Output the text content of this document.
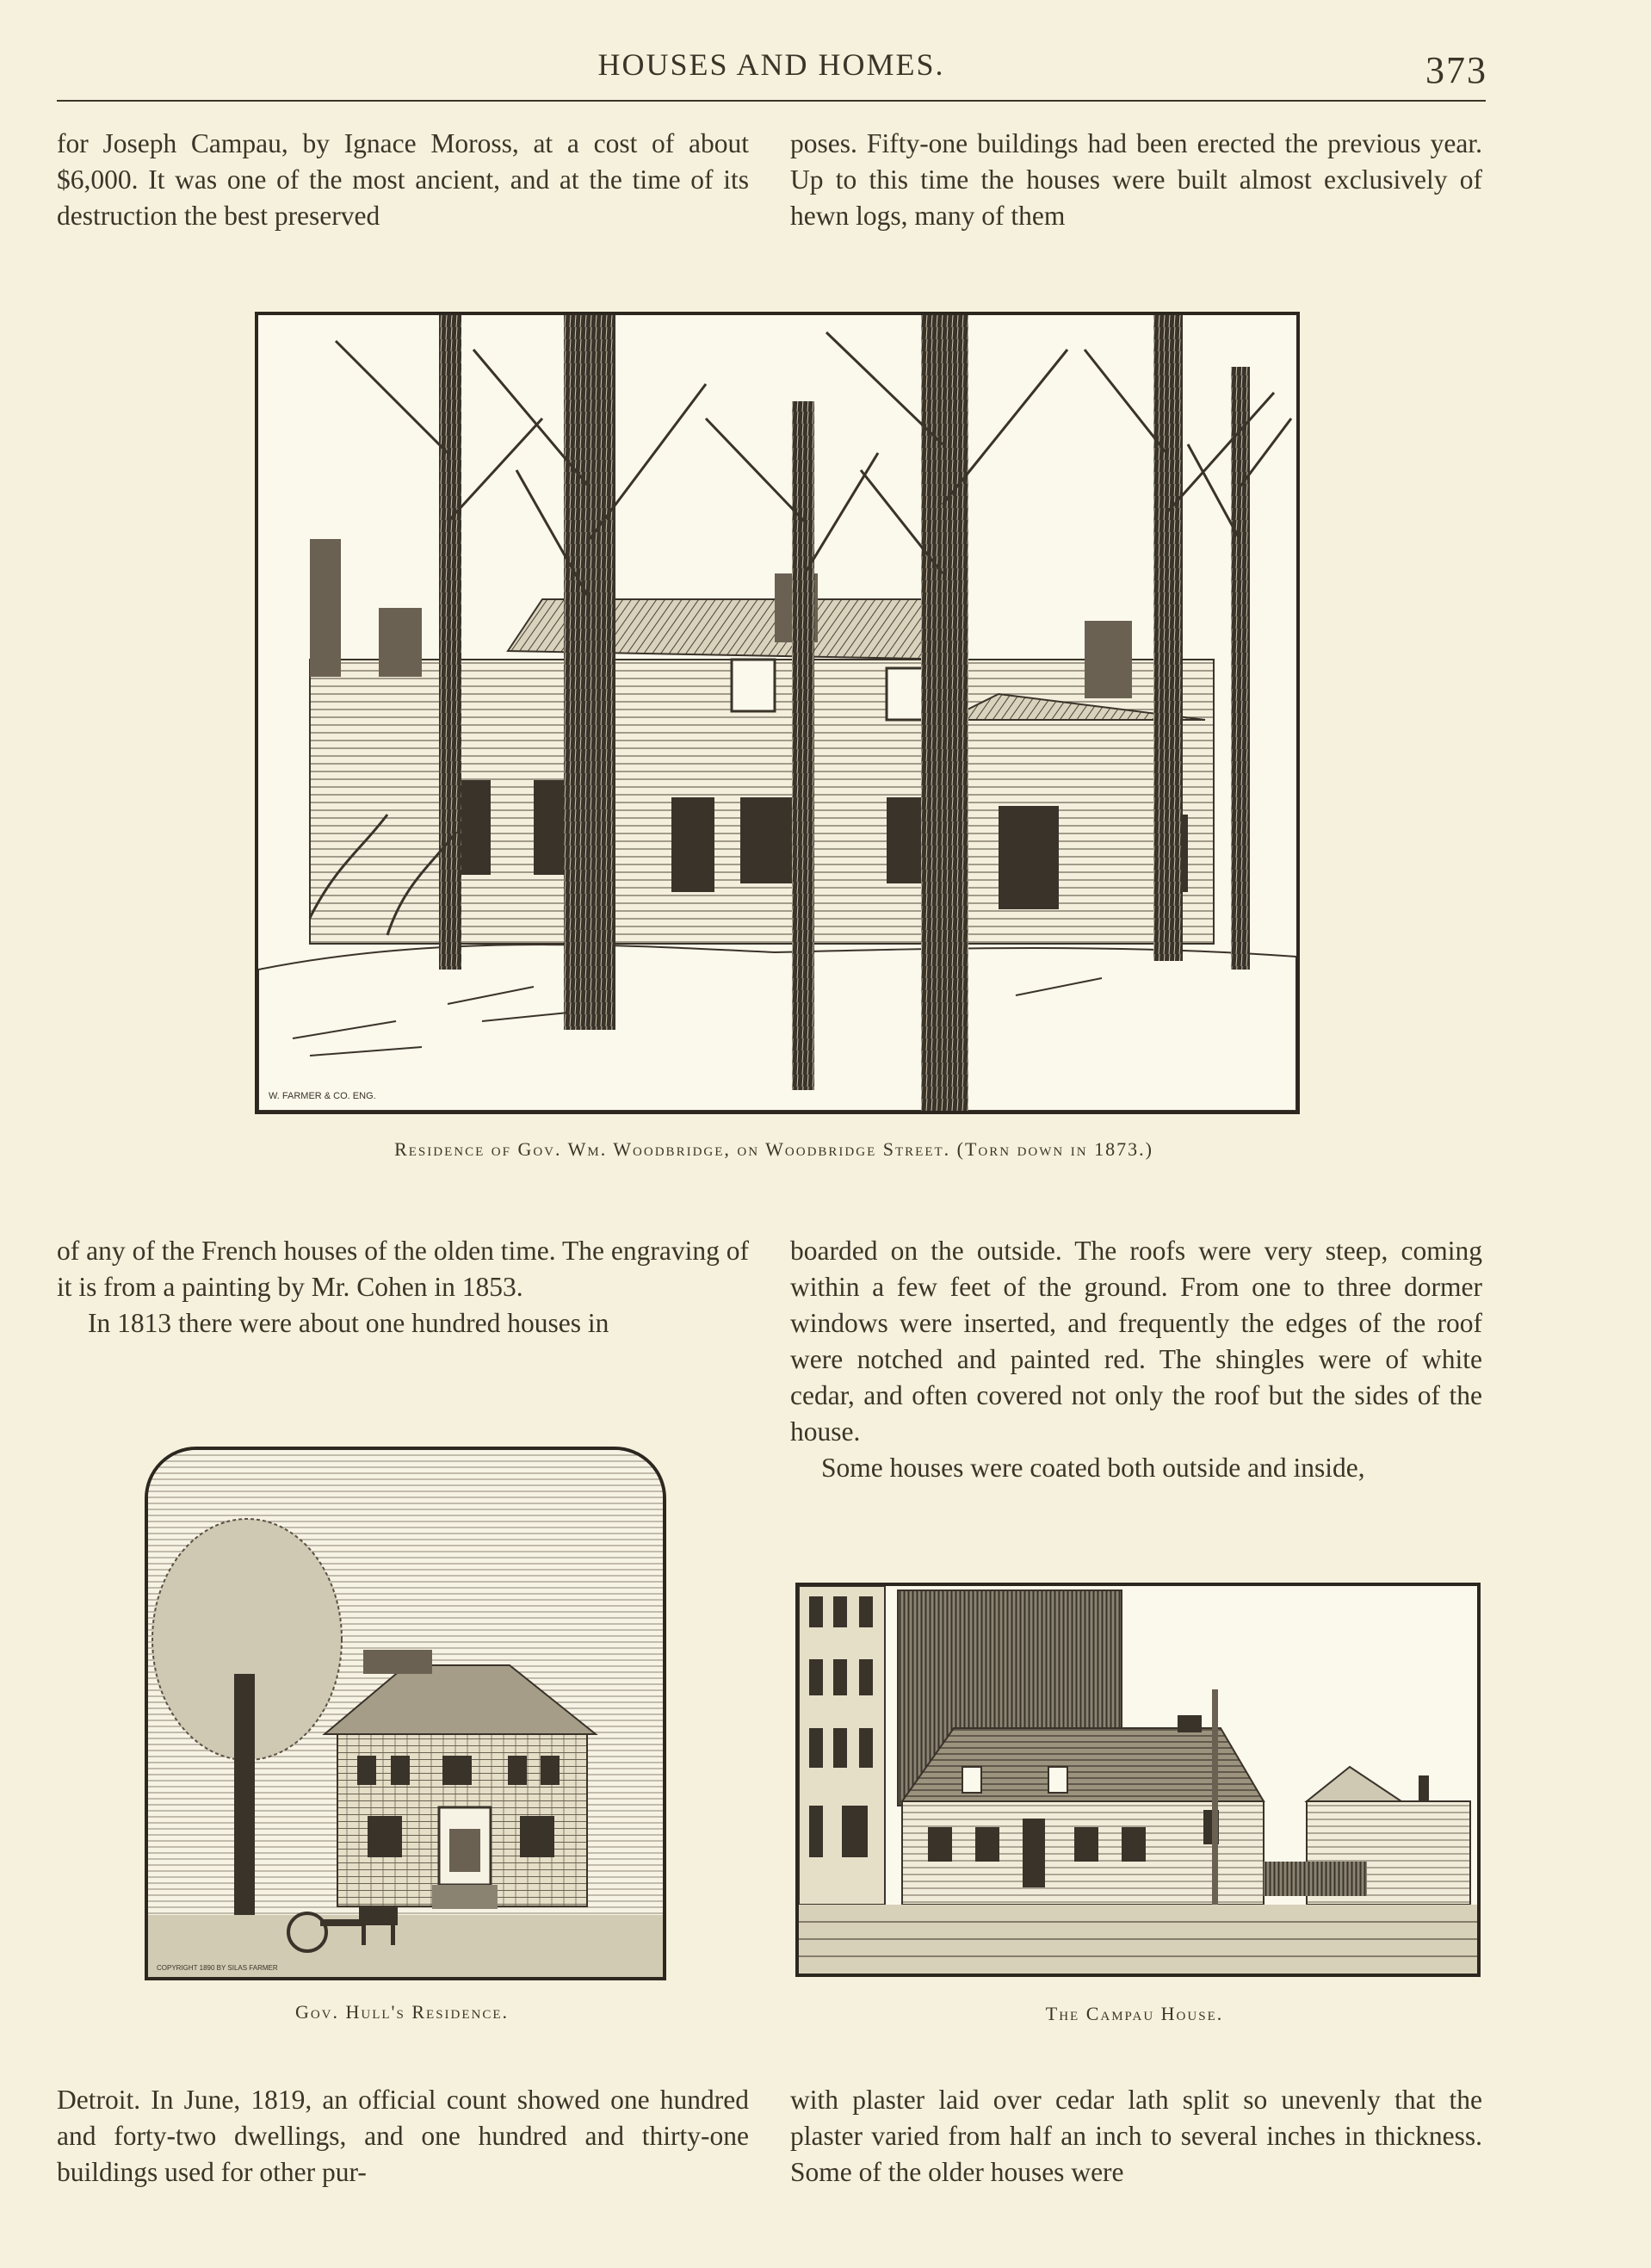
HOUSES AND HOMES.	373

for Joseph Campau, by Ignace Moross, at a cost of about $6,000. It was one of the most ancient, and at the time of its destruction the best preserved

poses. Fifty-one buildings had been erected the previous year. Up to this time the houses were built almost exclusively of hewn logs, many of them

W. FARMER & CO. ENG.
Residence of Gov. Wm. Woodbridge, on Woodbridge Street. (Torn down in 1873.)

of any of the French houses of the olden time. The engraving of it is from a painting by Mr. Cohen in 1853.

In 1813 there were about one hundred houses in

boarded on the outside. The roofs were very steep, coming within a few feet of the ground. From one to three dormer windows were inserted, and frequently the edges of the roof were notched and painted red. The shingles were of white cedar, and often covered not only the roof but the sides of the house.

Some houses were coated both outside and inside,

COPYRIGHT 1890 BY SILAS FARMER
Gov. Hull's Residence.	The Campau House.

Detroit. In June, 1819, an official count showed one hundred and forty-two dwellings, and one hundred and thirty-one buildings used for other pur-

with plaster laid over cedar lath split so unevenly that the plaster varied from half an inch to several inches in thickness. Some of the older houses were
